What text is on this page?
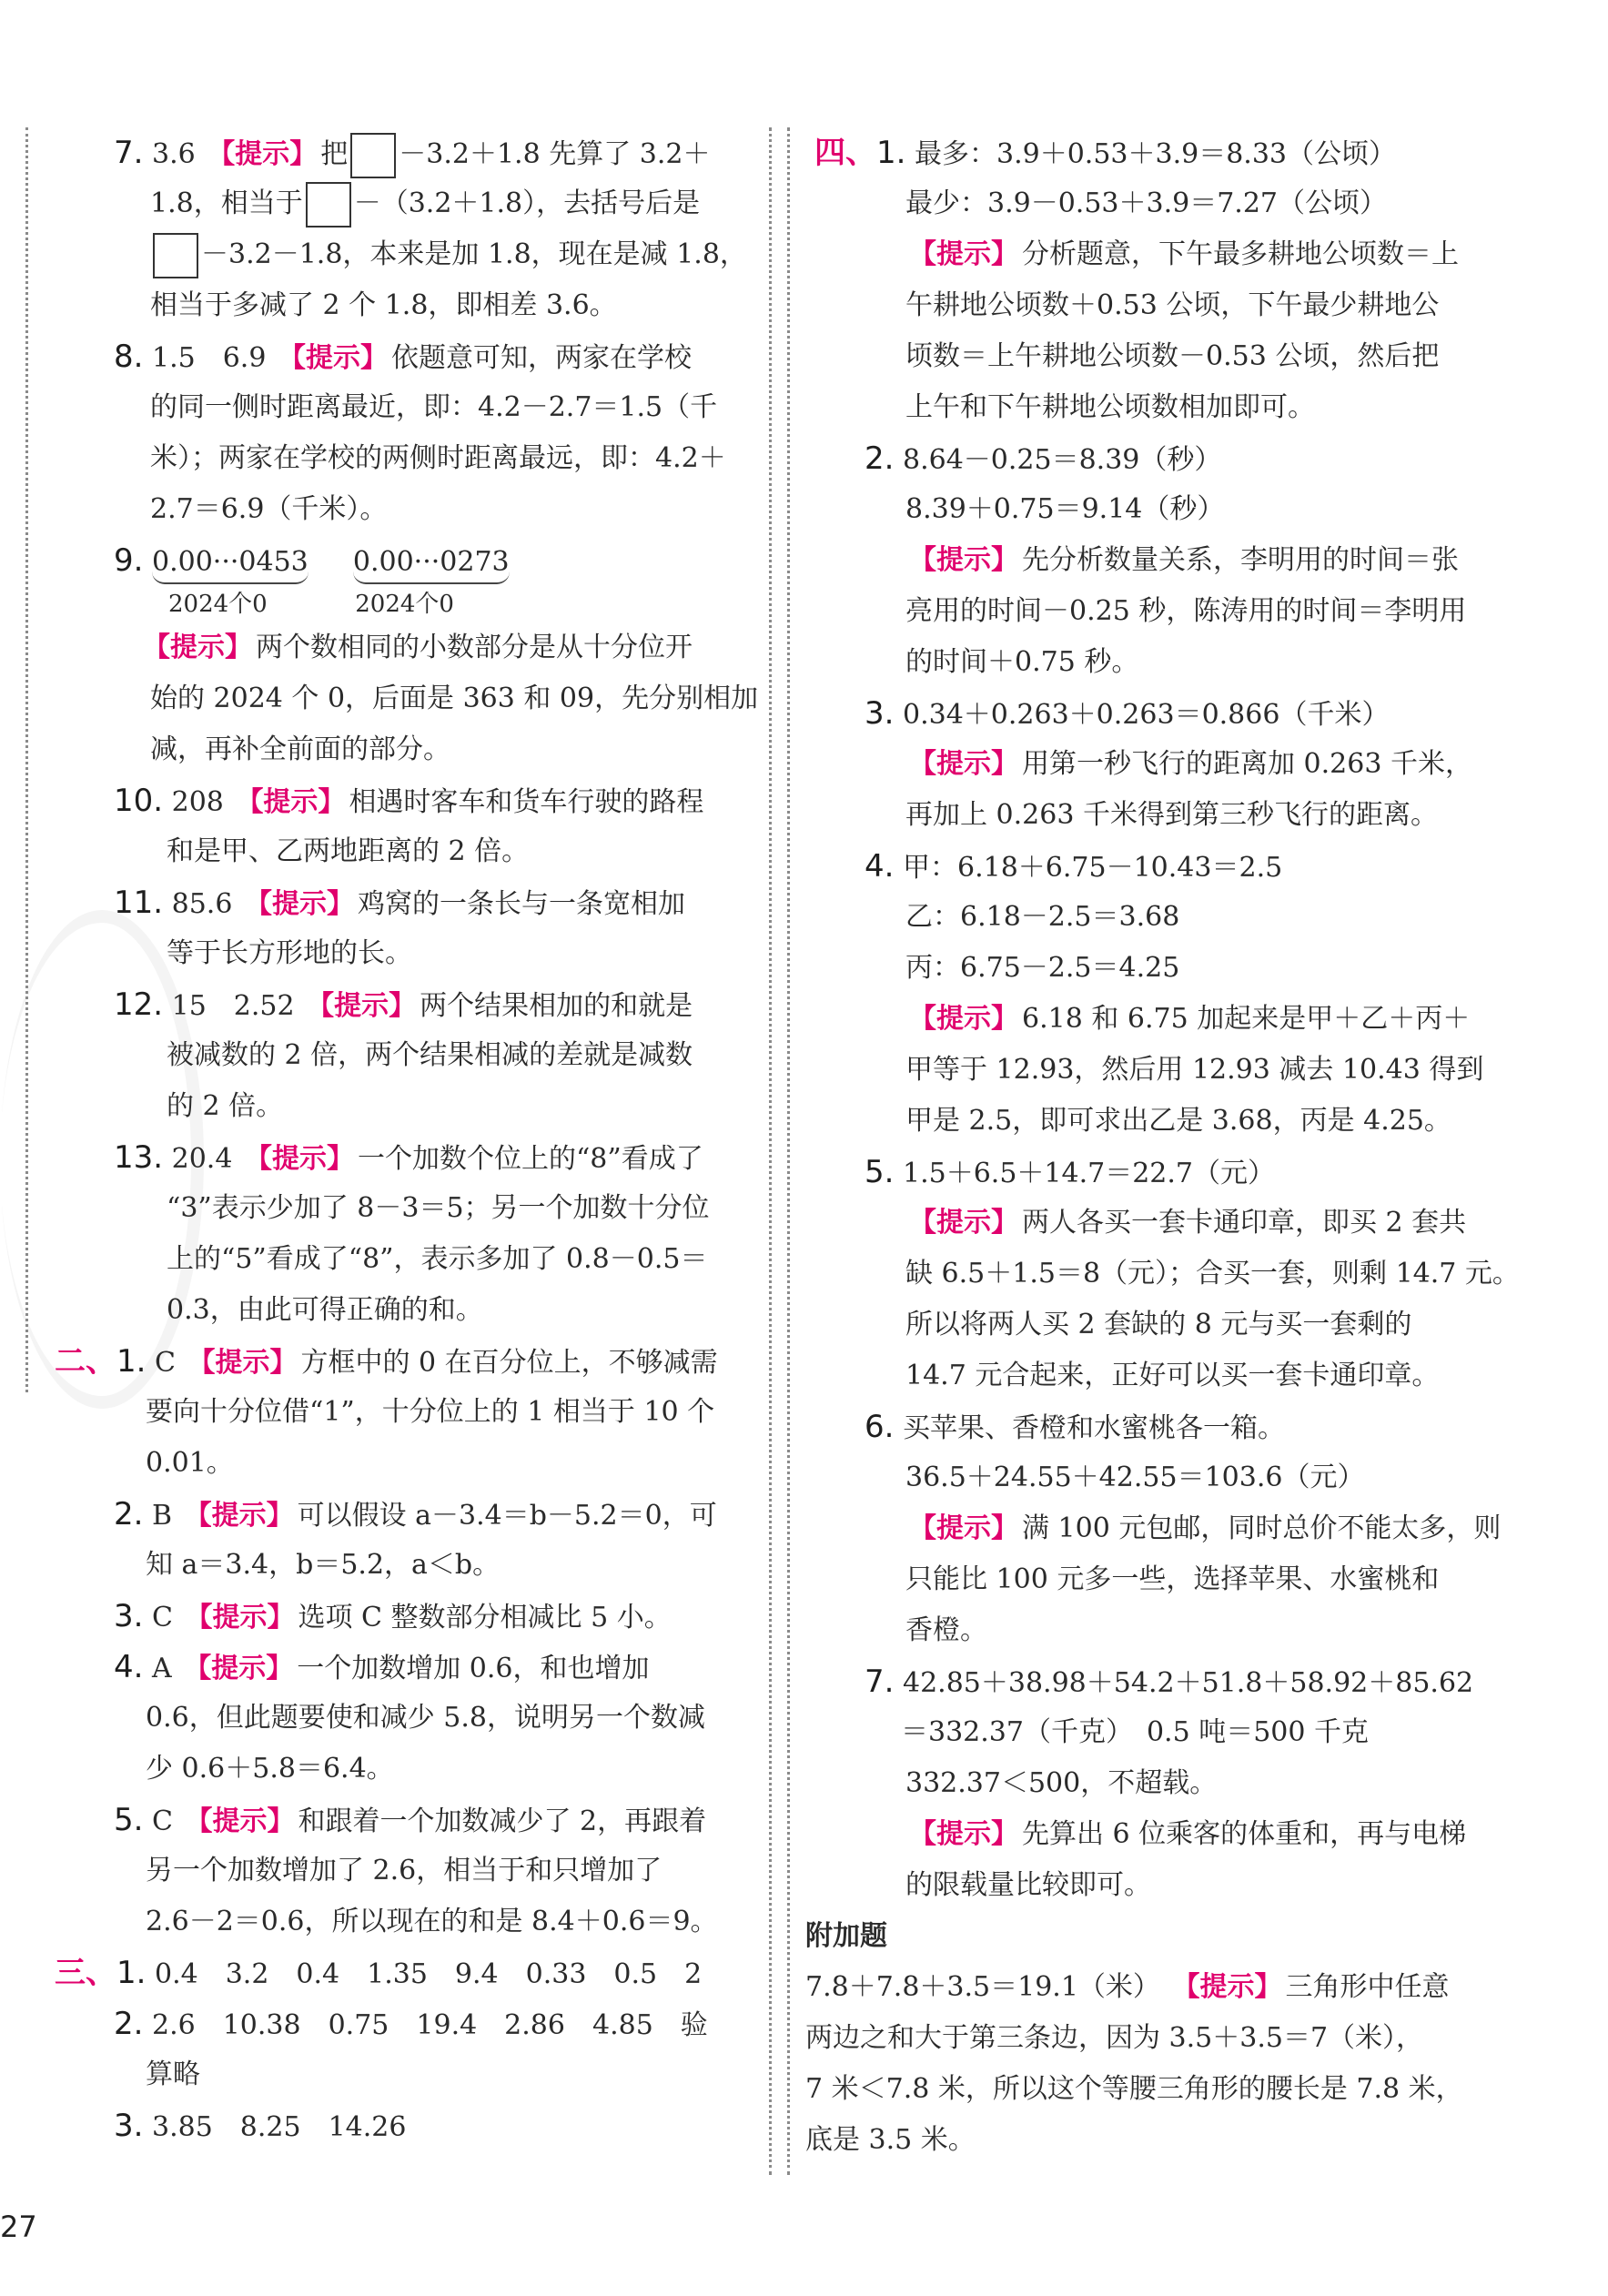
7. 3.6 【提示】 把 －3.2＋1.8 先算了 3.2＋
1.8，相当于 －（3.2＋1.8），去括号后是
－3.2－1.8，本来是加 1.8，现在是减 1.8，
相当于多减了 2 个 1.8，即相差 3.6。
8. 1.5　6.9 【提示】 依题意可知，两家在学校
的同一侧时距离最近，即：4.2－2.7＝1.5（千
米）；两家在学校的两侧时距离最远，即：4.2＋
2.7＝6.9（千米）。
9. 0.00···0453 0.00···0273
2024个0	2024个0
【提示】 两个数相同的小数部分是从十分位开
始的 2024 个 0，后面是 363 和 09，先分别相加
减，再补全前面的部分。
10. 208 【提示】 相遇时客车和货车行驶的路程
和是甲、乙两地距离的 2 倍。
11. 85.6 【提示】 鸡窝的一条长与一条宽相加
等于长方形地的长。
12. 15　2.52 【提示】 两个结果相加的和就是
被减数的 2 倍，两个结果相减的差就是减数
的 2 倍。
13. 20.4 【提示】 一个加数个位上的“8”看成了
“3”表示少加了 8－3＝5；另一个加数十分位
上的“5”看成了“8”，表示多加了 0.8－0.5＝
0.3，由此可得正确的和。
二、1. C 【提示】 方框中的 0 在百分位上，不够减需
要向十分位借“1”，十分位上的 1 相当于 10 个
0.01。
2. B 【提示】 可以假设 a－3.4＝b－5.2＝0，可
知 a＝3.4，b＝5.2，a＜b。
3. C 【提示】 选项 C 整数部分相减比 5 小。
4. A 【提示】 一个加数增加 0.6，和也增加
0.6，但此题要使和减少 5.8，说明另一个数减
少 0.6＋5.8＝6.4。
5. C 【提示】 和跟着一个加数减少了 2，再跟着
另一个加数增加了 2.6，相当于和只增加了
2.6－2＝0.6，所以现在的和是 8.4＋0.6＝9。
三、1. 0.4　3.2　0.4　1.35　9.4　0.33　0.5　2
2. 2.6　10.38　0.75　19.4　2.86　4.85　验
算略
3. 3.85　8.25　14.26
四、1. 最多：3.9＋0.53＋3.9＝8.33（公顷）
最少：3.9－0.53＋3.9＝7.27（公顷）
【提示】 分析题意，下午最多耕地公顷数＝上
午耕地公顷数＋0.53 公顷，下午最少耕地公
顷数＝上午耕地公顷数－0.53 公顷，然后把
上午和下午耕地公顷数相加即可。
2. 8.64－0.25＝8.39（秒）
8.39＋0.75＝9.14（秒）
【提示】 先分析数量关系，李明用的时间＝张
亮用的时间－0.25 秒，陈涛用的时间＝李明用
的时间＋0.75 秒。
3. 0.34＋0.263＋0.263＝0.866（千米）
【提示】 用第一秒飞行的距离加 0.263 千米，
再加上 0.263 千米得到第三秒飞行的距离。
4. 甲：6.18＋6.75－10.43＝2.5
乙：6.18－2.5＝3.68
丙：6.75－2.5＝4.25
【提示】 6.18 和 6.75 加起来是甲＋乙＋丙＋
甲等于 12.93，然后用 12.93 减去 10.43 得到
甲是 2.5，即可求出乙是 3.68，丙是 4.25。
5. 1.5＋6.5＋14.7＝22.7（元）
【提示】 两人各买一套卡通印章，即买 2 套共
缺 6.5＋1.5＝8（元）；合买一套，则剩 14.7 元。
所以将两人买 2 套缺的 8 元与买一套剩的
14.7 元合起来，正好可以买一套卡通印章。
6. 买苹果、香橙和水蜜桃各一箱。
36.5＋24.55＋42.55＝103.6（元）
【提示】 满 100 元包邮，同时总价不能太多，则
只能比 100 元多一些，选择苹果、水蜜桃和
香橙。
7. 42.85＋38.98＋54.2＋51.8＋58.92＋85.62
＝332.37（千克）　0.5 吨＝500 千克
332.37＜500，不超载。
【提示】 先算出 6 位乘客的体重和，再与电梯
的限载量比较即可。
附加题
7.8＋7.8＋3.5＝19.1（米） 【提示】 三角形中任意
两边之和大于第三条边，因为 3.5＋3.5＝7（米），
7 米＜7.8 米，所以这个等腰三角形的腰长是 7.8 米，
底是 3.5 米。
27
